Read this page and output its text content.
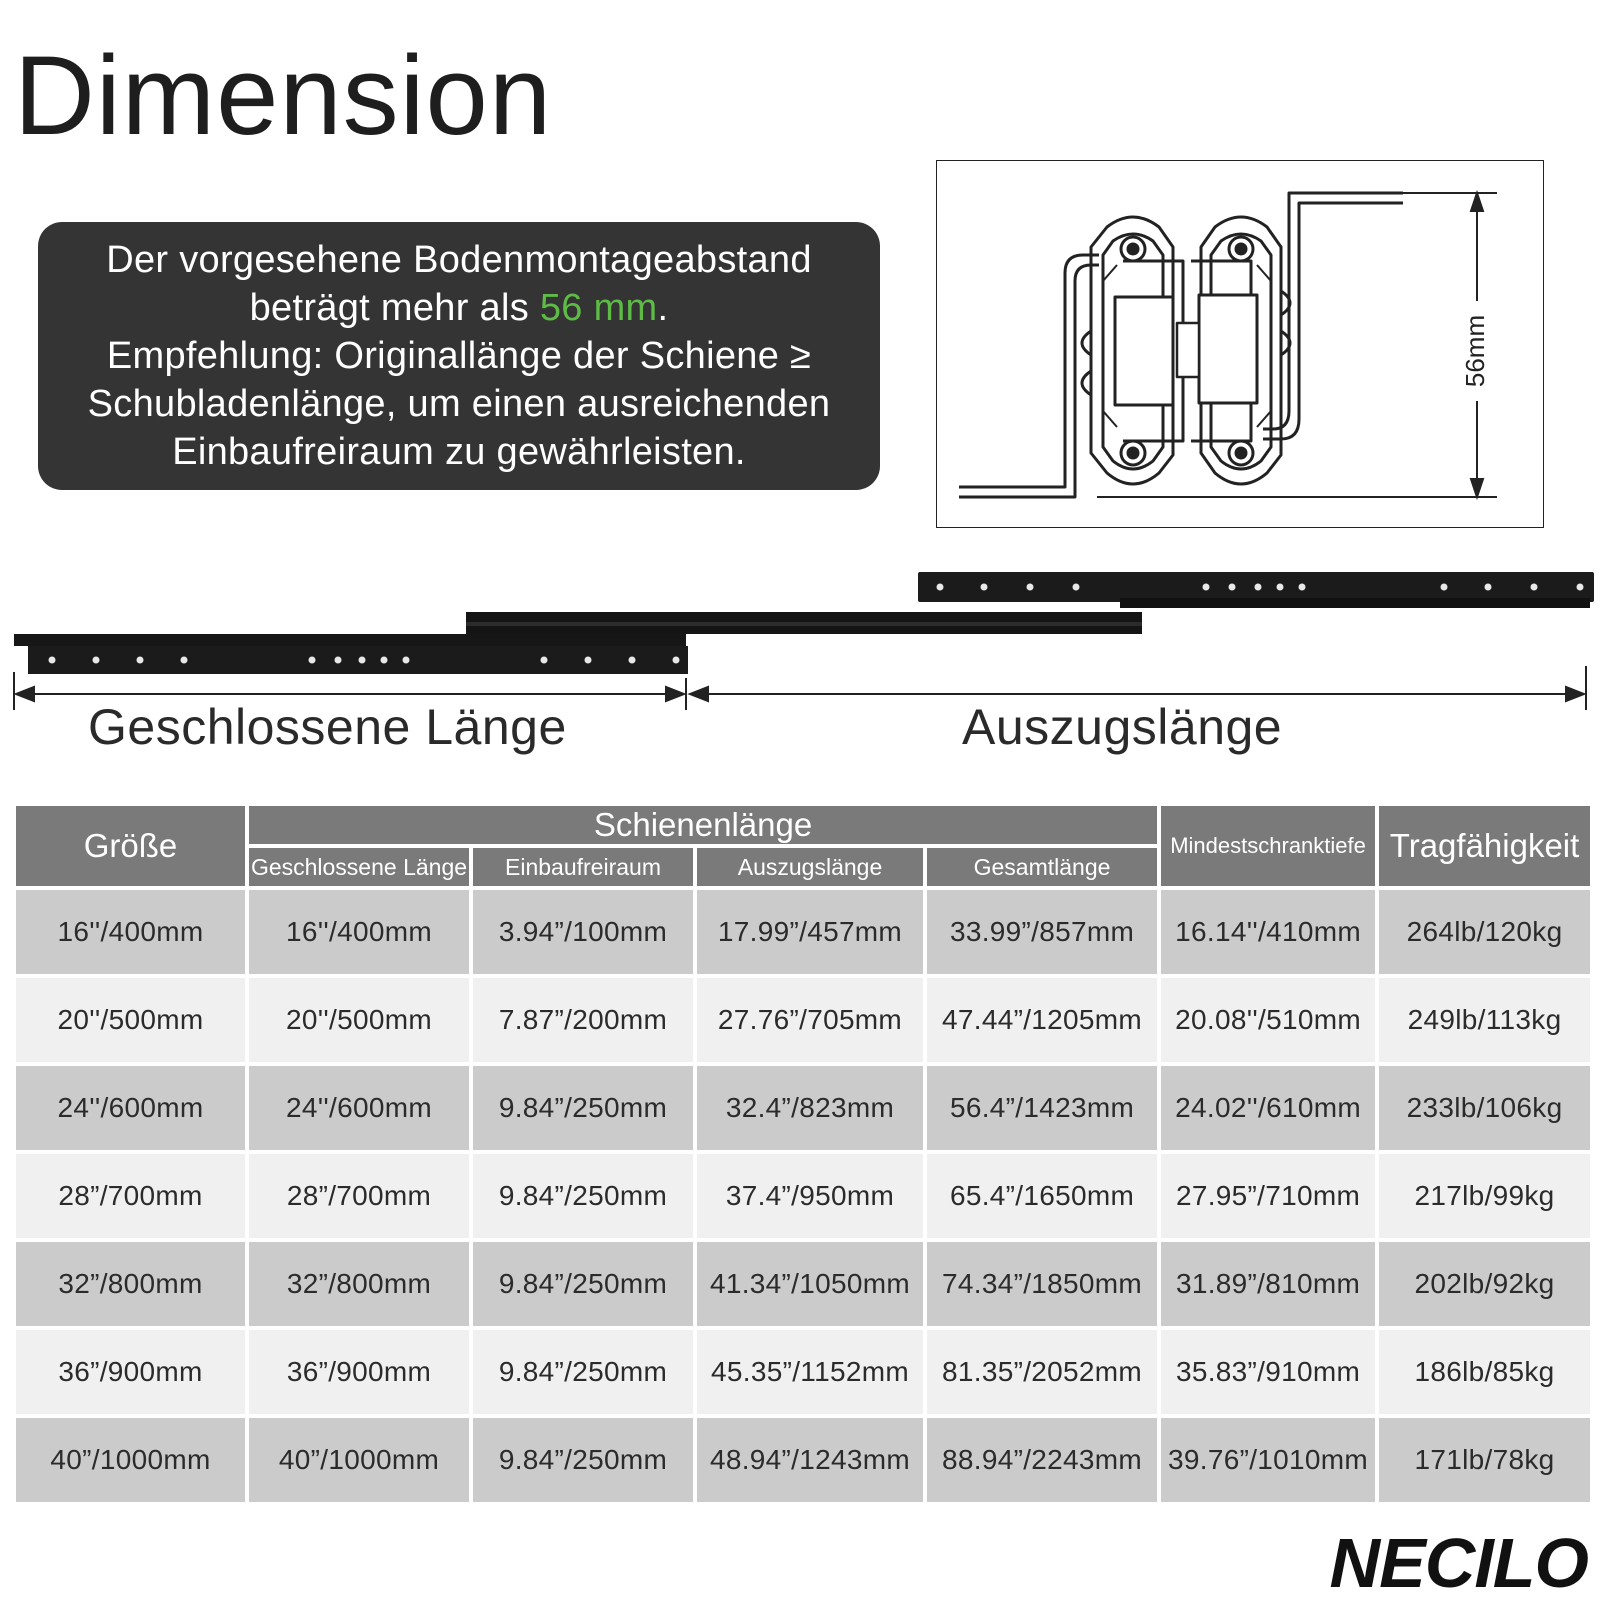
Dimension
Der vorgesehene Bodenmontageabstand
beträgt mehr als 56 mm.
Empfehlung: Originallänge der Schiene ≥
Schubladenlänge, um einen ausreichenden
Einbaufreiraum zu gewährleisten.
56mm
Geschlossene Länge	Auszugslänge
Größe	Schienenlänge				Mindestschranktiefe	Tragfähigkeit
	Geschlossene Länge	Einbaufreiraum	Auszugslänge	Gesamtlänge		
16''/400mm	16''/400mm	3.94”/100mm	17.99”/457mm	33.99”/857mm	16.14''/410mm	264lb/120kg
20''/500mm	20''/500mm	7.87”/200mm	27.76”/705mm	47.44”/1205mm	20.08''/510mm	249lb/113kg
24''/600mm	24''/600mm	9.84”/250mm	32.4”/823mm	56.4”/1423mm	24.02''/610mm	233lb/106kg
28”/700mm	28”/700mm	9.84”/250mm	37.4”/950mm	65.4”/1650mm	27.95”/710mm	217lb/99kg
32”/800mm	32”/800mm	9.84”/250mm	41.34”/1050mm	74.34”/1850mm	31.89”/810mm	202lb/92kg
36”/900mm	36”/900mm	9.84”/250mm	45.35”/1152mm	81.35”/2052mm	35.83”/910mm	186lb/85kg
40”/1000mm	40”/1000mm	9.84”/250mm	48.94”/1243mm	88.94”/2243mm	39.76”/1010mm	171lb/78kg
NECILO
